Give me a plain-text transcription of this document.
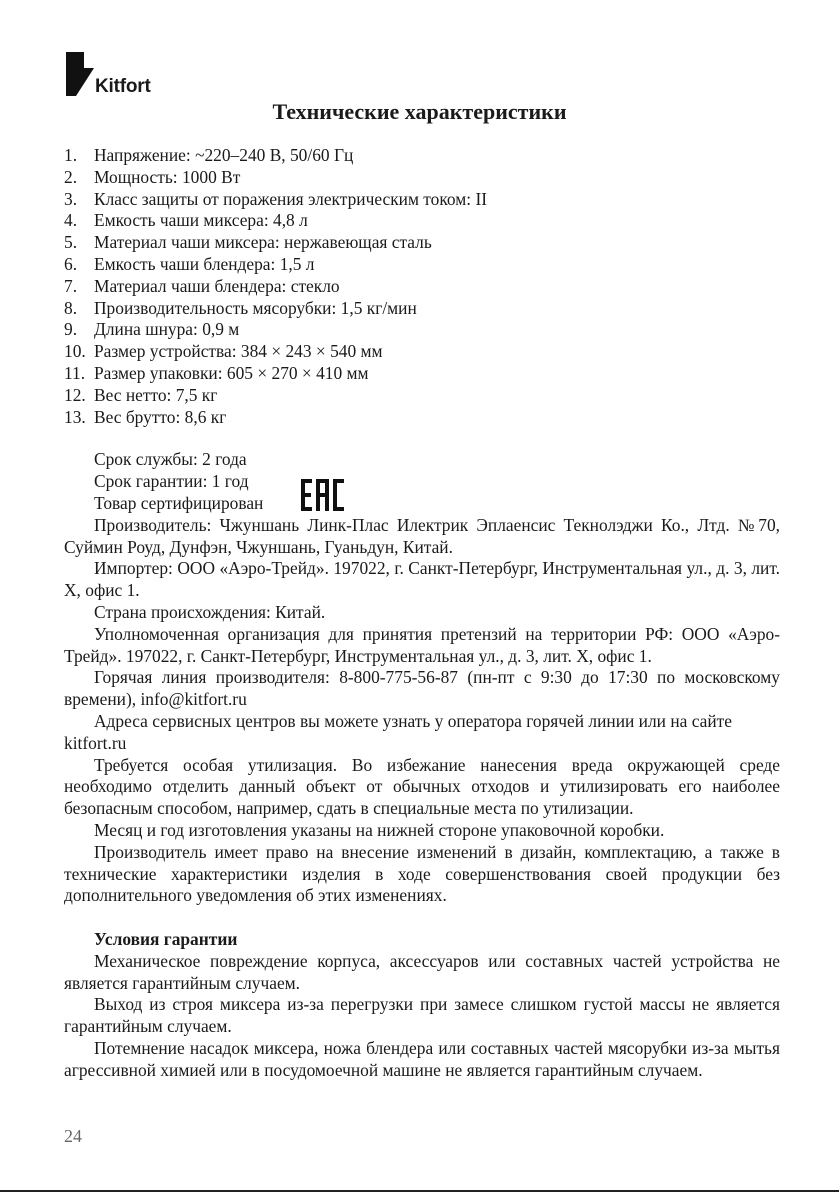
Kitfort
Технические характеристики
1. Напряжение: ~220–240 В, 50/60 Гц
2. Мощность: 1000 Вт
3. Класс защиты от поражения электрическим током: II
4. Емкость чаши миксера: 4,8 л
5. Материал чаши миксера: нержавеющая сталь
6. Емкость чаши блендера: 1,5 л
7. Материал чаши блендера: стекло
8. Производительность мясорубки: 1,5 кг/мин
9. Длина шнура: 0,9 м
10. Размер устройства: 384 × 243 × 540 мм
11. Размер упаковки: 605 × 270 × 410 мм
12. Вес нетто: 7,5 кг
13. Вес брутто: 8,6 кг

Срок службы: 2 года

Срок гарантии: 1 год

Товар сертифицирован

Производитель: Чжуншань Линк-Плас Илектрик Эплаенсис Текнолэджи Ко., Лтд. №70, Суймин Роуд, Дунфэн, Чжуншань, Гуаньдун, Китай.

Импортер: ООО «Аэро-Трейд». 197022, г. Санкт-Петербург, Инструментальная ул., д. 3, лит. Х, офис 1.

Страна происхождения: Китай.

Уполномоченная организация для принятия претензий на территории РФ: ООО «Аэро-Трейд». 197022, г. Санкт-Петербург, Инструментальная ул., д. 3, лит. Х, офис 1.

Горячая линия производителя: 8-800-775-56-87 (пн-пт с 9:30 до 17:30 по московскому времени), info@kitfort.ru

Адреса сервисных центров вы можете узнать у оператора горячей линии или на сайте kitfort.ru

Требуется особая утилизация. Во избежание нанесения вреда окружающей среде необходимо отделить данный объект от обычных отходов и утилизировать его наиболее безопасным способом, например, сдать в специальные места по утилизации.

Месяц и год изготовления указаны на нижней стороне упаковочной коробки.

Производитель имеет право на внесение изменений в дизайн, комплектацию, а также в технические характеристики изделия в ходе совершенствования своей продукции без дополнительного уведомления об этих изменениях.

Условия гарантии

Механическое повреждение корпуса, аксессуаров или составных частей устройства не является гарантийным случаем.

Выход из строя миксера из-за перегрузки при замесе слишком густой массы не является гарантийным случаем.

Потемнение насадок миксера, ножа блендера или составных частей мясорубки из-за мытья агрессивной химией или в посудомоечной машине не является гарантийным случаем.

24
